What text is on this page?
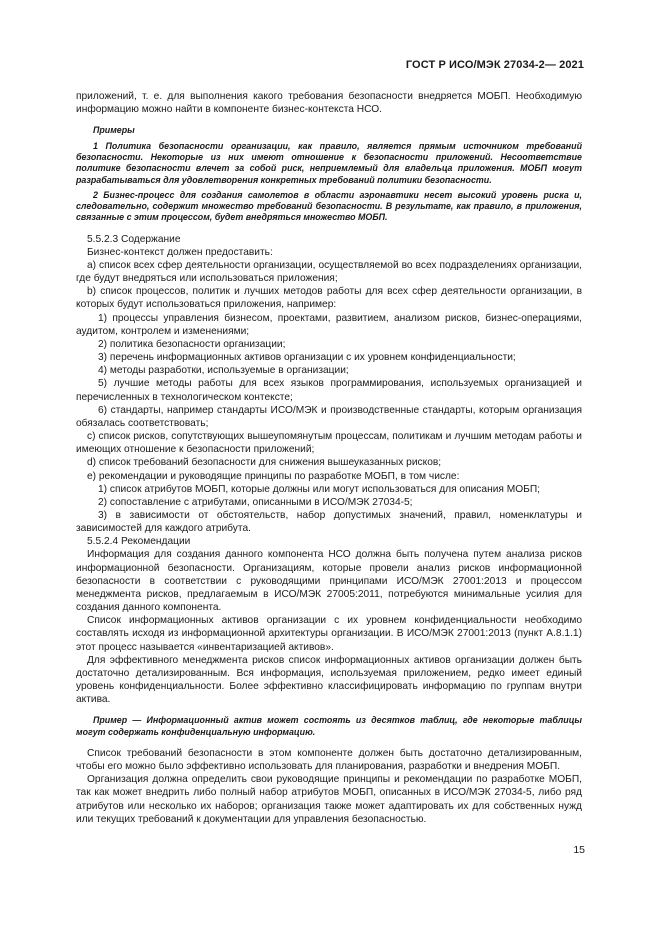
ГОСТ Р ИСО/МЭК 27034-2— 2021

приложений, т. е. для выполнения какого требования безопасности внедряется МОБП. Необходимую информацию можно найти в компоненте бизнес-контекста НСО.

Примеры

1 Политика безопасности организации, как правило, является прямым источником требований безопасности. Некоторые из них имеют отношение к безопасности приложений. Несоответствие политике безопасности влечет за собой риск, неприемлемый для владельца приложения. МОБП могут разрабатываться для удовлетворения конкретных требований политики безопасности.

2 Бизнес-процесс для создания самолетов в области аэронавтики несет высокий уровень риска и, следовательно, содержит множество требований безопасности. В результате, как правило, в приложения, связанные с этим процессом, будет внедряться множество МОБП.

5.5.2.3 Содержание

Бизнес-контекст должен предоставить:

a) список всех сфер деятельности организации, осуществляемой во всех подразделениях организации, где будут внедряться или использоваться приложения;

b) список процессов, политик и лучших методов работы для всех сфер деятельности организации, в которых будут использоваться приложения, например:

1) процессы управления бизнесом, проектами, развитием, анализом рисков, бизнес-операциями, аудитом, контролем и изменениями;

2) политика безопасности организации;

3) перечень информационных активов организации с их уровнем конфиденциальности;

4) методы разработки, используемые в организации;

5) лучшие методы работы для всех языков программирования, используемых организацией и перечисленных в технологическом контексте;

6) стандарты, например стандарты ИСО/МЭК и производственные стандарты, которым организация обязалась соответствовать;

c) список рисков, сопутствующих вышеупомянутым процессам, политикам и лучшим методам работы и имеющих отношение к безопасности приложений;

d) список требований безопасности для снижения вышеуказанных рисков;

e) рекомендации и руководящие принципы по разработке МОБП, в том числе:

1) список атрибутов МОБП, которые должны или могут использоваться для описания МОБП;

2) сопоставление с атрибутами, описанными в ИСО/МЭК 27034-5;

3) в зависимости от обстоятельств, набор допустимых значений, правил, номенклатуры и зависимостей для каждого атрибута.

5.5.2.4 Рекомендации

Информация для создания данного компонента НСО должна быть получена путем анализа рисков информационной безопасности. Организациям, которые провели анализ рисков информационной безопасности в соответствии с руководящими принципами ИСО/МЭК 27001:2013 и процессом менеджмента рисков, предлагаемым в ИСО/МЭК 27005:2011, потребуются минимальные усилия для создания данного компонента.

Список информационных активов организации с их уровнем конфиденциальности необходимо составлять исходя из информационной архитектуры организации. В ИСО/МЭК 27001:2013 (пункт A.8.1.1) этот процесс называется «инвентаризацией активов».

Для эффективного менеджмента рисков список информационных активов организации должен быть достаточно детализированным. Вся информация, используемая приложением, редко имеет единый уровень конфиденциальности. Более эффективно классифицировать информацию по группам внутри актива.

Пример — Информационный актив может состоять из десятков таблиц, где некоторые таблицы могут содержать конфиденциальную информацию.

Список требований безопасности в этом компоненте должен быть достаточно детализированным, чтобы его можно было эффективно использовать для планирования, разработки и внедрения МОБП.

Организация должна определить свои руководящие принципы и рекомендации по разработке МОБП, так как может внедрить либо полный набор атрибутов МОБП, описанных в ИСО/МЭК 27034-5, либо ряд атрибутов или несколько их наборов; организация также может адаптировать их для собственных нужд или текущих требований к документации для управления безопасностью.

15
